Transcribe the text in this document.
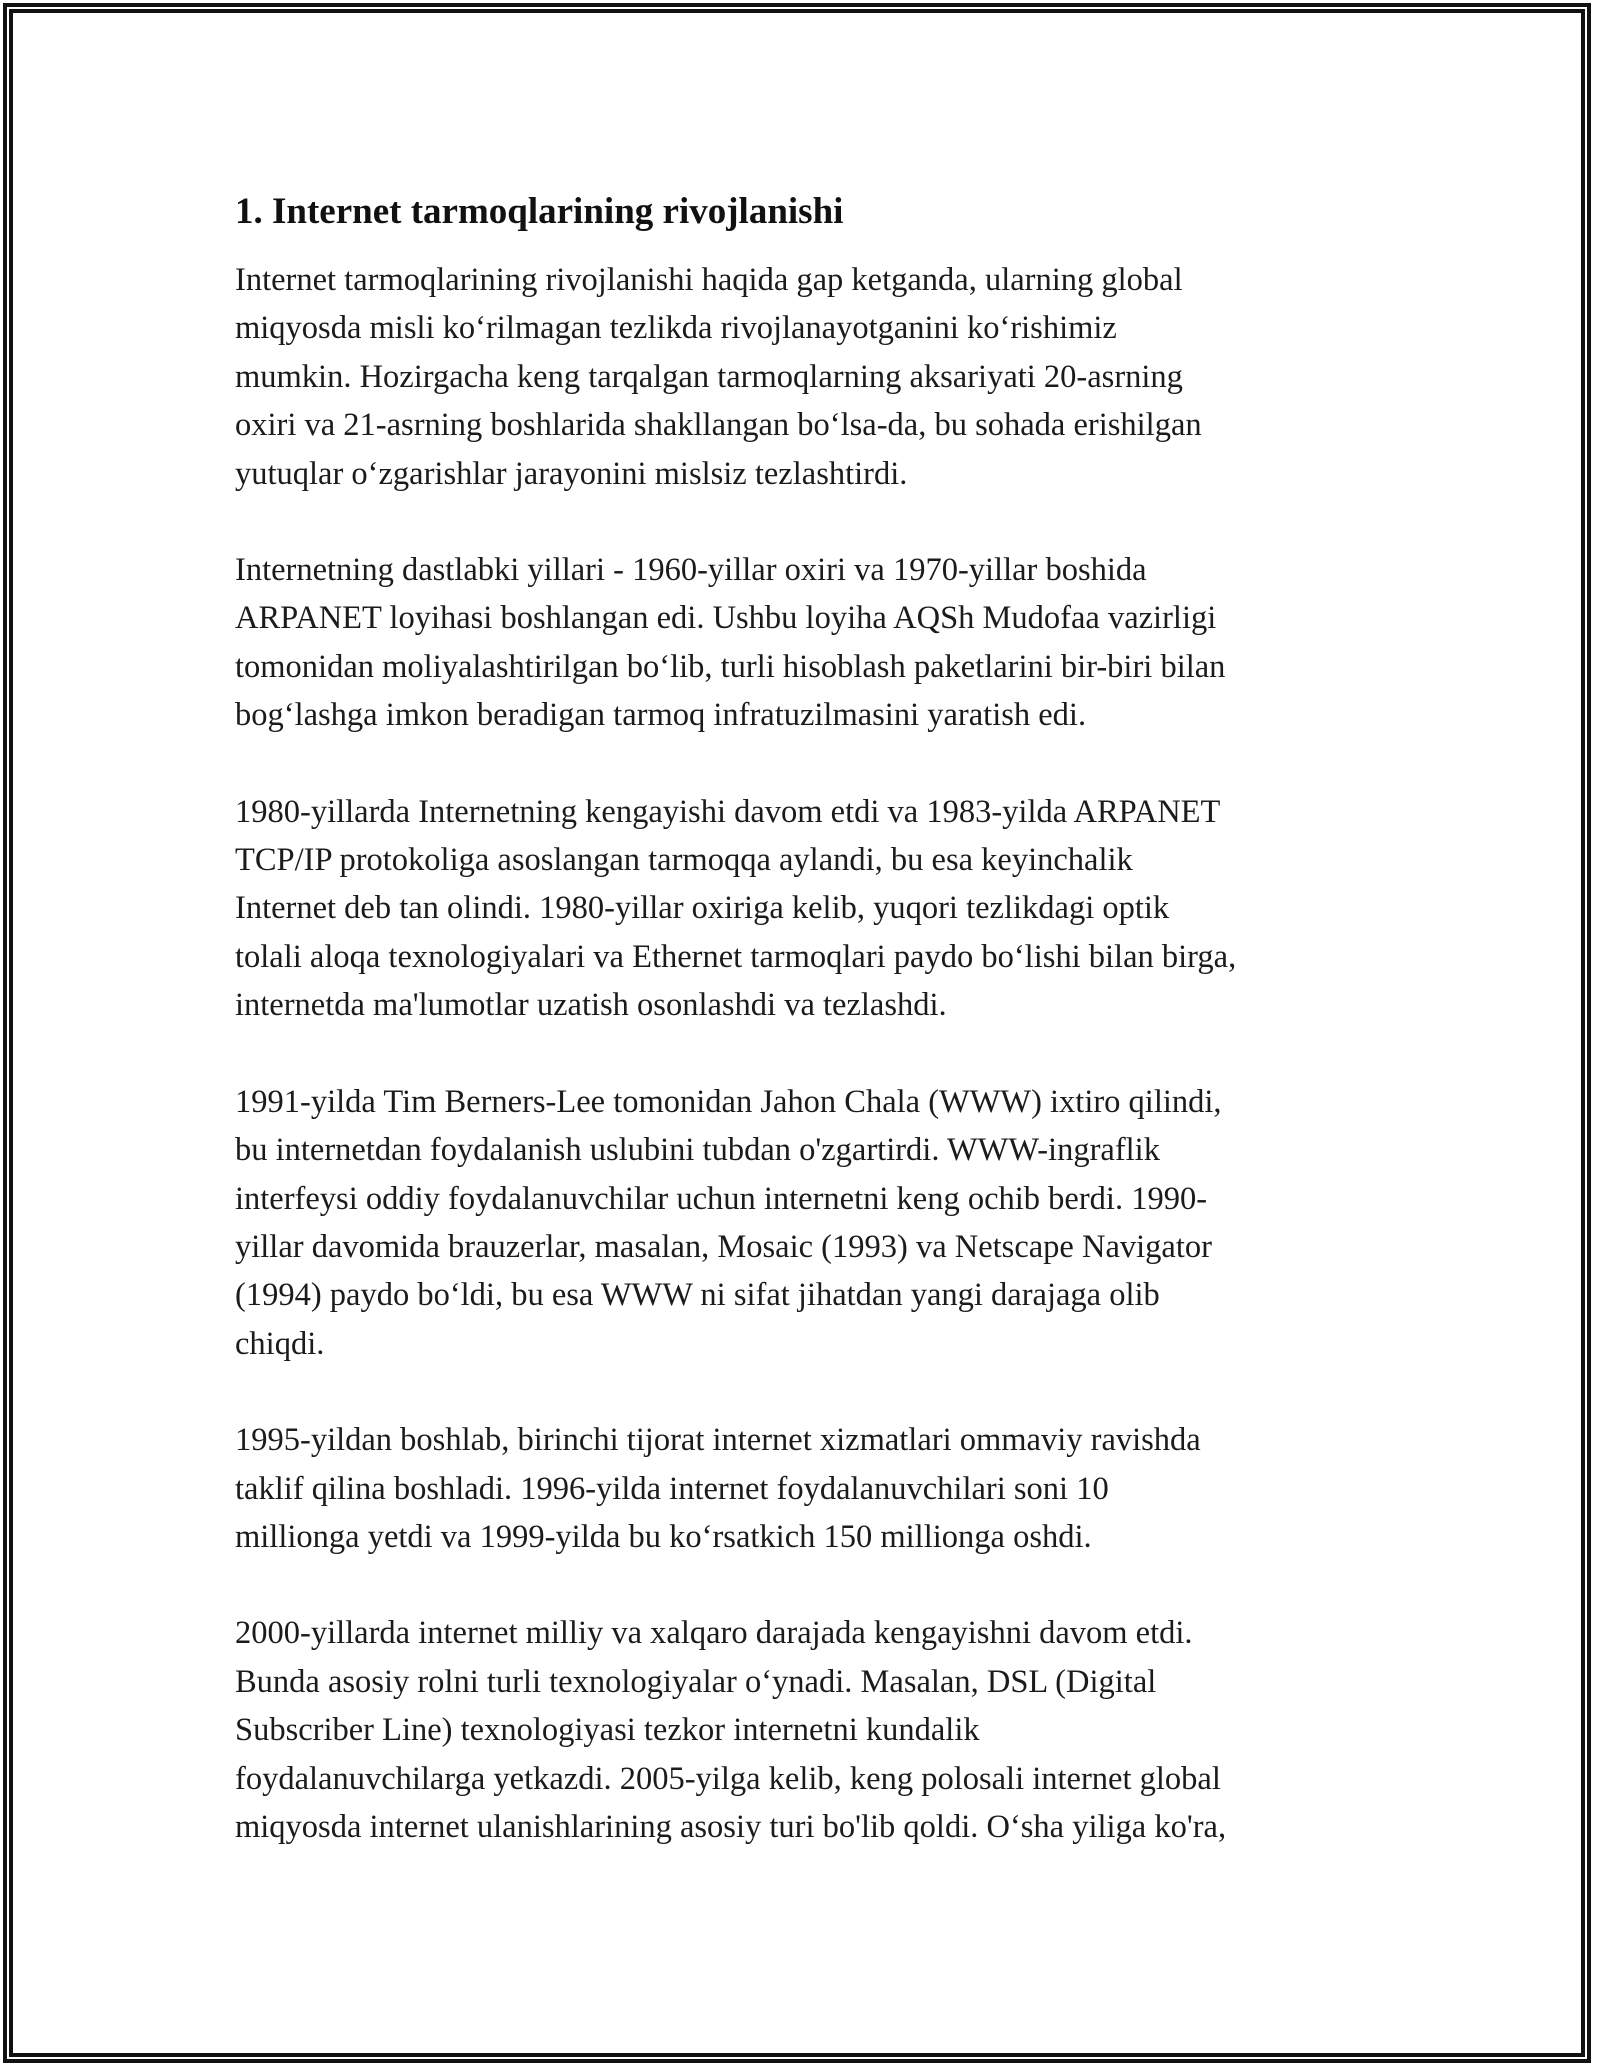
1. Internet tarmoqlarining rivojlanishi

Internet tarmoqlarining rivojlanishi haqida gap ketganda, ularning global
miqyosda misli ko‘rilmagan tezlikda rivojlanayotganini ko‘rishimiz
mumkin. Hozirgacha keng tarqalgan tarmoqlarning aksariyati 20-asrning
oxiri va 21-asrning boshlarida shakllangan bo‘lsa-da, bu sohada erishilgan
yutuqlar o‘zgarishlar jarayonini mislsiz tezlashtirdi.

Internetning dastlabki yillari - 1960-yillar oxiri va 1970-yillar boshida
ARPANET loyihasi boshlangan edi. Ushbu loyiha AQSh Mudofaa vazirligi
tomonidan moliyalashtirilgan bo‘lib, turli hisoblash paketlarini bir-biri bilan
bog‘lashga imkon beradigan tarmoq infratuzilmasini yaratish edi.

1980-yillarda Internetning kengayishi davom etdi va 1983-yilda ARPANET
TCP/IP protokoliga asoslangan tarmoqqa aylandi, bu esa keyinchalik
Internet deb tan olindi. 1980-yillar oxiriga kelib, yuqori tezlikdagi optik
tolali aloqa texnologiyalari va Ethernet tarmoqlari paydo bo‘lishi bilan birga,
internetda ma'lumotlar uzatish osonlashdi va tezlashdi.

1991-yilda Tim Berners-Lee tomonidan Jahon Chala (WWW) ixtiro qilindi,
bu internetdan foydalanish uslubini tubdan o'zgartirdi. WWW-ingraflik
interfeysi oddiy foydalanuvchilar uchun internetni keng ochib berdi. 1990-
yillar davomida brauzerlar, masalan, Mosaic (1993) va Netscape Navigator
(1994) paydo bo‘ldi, bu esa WWW ni sifat jihatdan yangi darajaga olib
chiqdi.

1995-yildan boshlab, birinchi tijorat internet xizmatlari ommaviy ravishda
taklif qilina boshladi. 1996-yilda internet foydalanuvchilari soni 10
millionga yetdi va 1999-yilda bu ko‘rsatkich 150 millionga oshdi.

2000-yillarda internet milliy va xalqaro darajada kengayishni davom etdi.
Bunda asosiy rolni turli texnologiyalar o‘ynadi. Masalan, DSL (Digital
Subscriber Line) texnologiyasi tezkor internetni kundalik
foydalanuvchilarga yetkazdi. 2005-yilga kelib, keng polosali internet global
miqyosda internet ulanishlarining asosiy turi bo'lib qoldi. O‘sha yiliga ko'ra,
